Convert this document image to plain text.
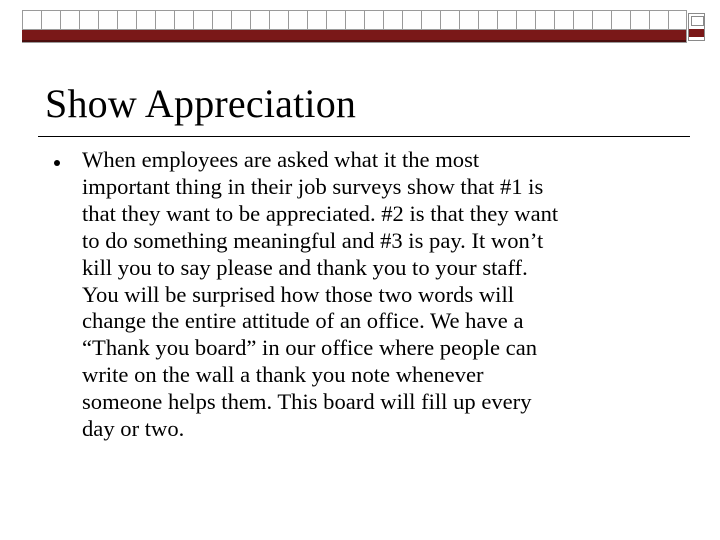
Show Appreciation
When employees are asked what it the most
important thing in their job surveys show that #1 is
that they want to be appreciated. #2 is that they want
to do something meaningful and #3 is pay. It won’t
kill you to say please and thank you to your staff.
You will be surprised how those two words will
change the entire attitude of an office. We have a
“Thank you board” in our office where people can
write on the wall a thank you note whenever
someone helps them. This board will fill up every
day or two.
